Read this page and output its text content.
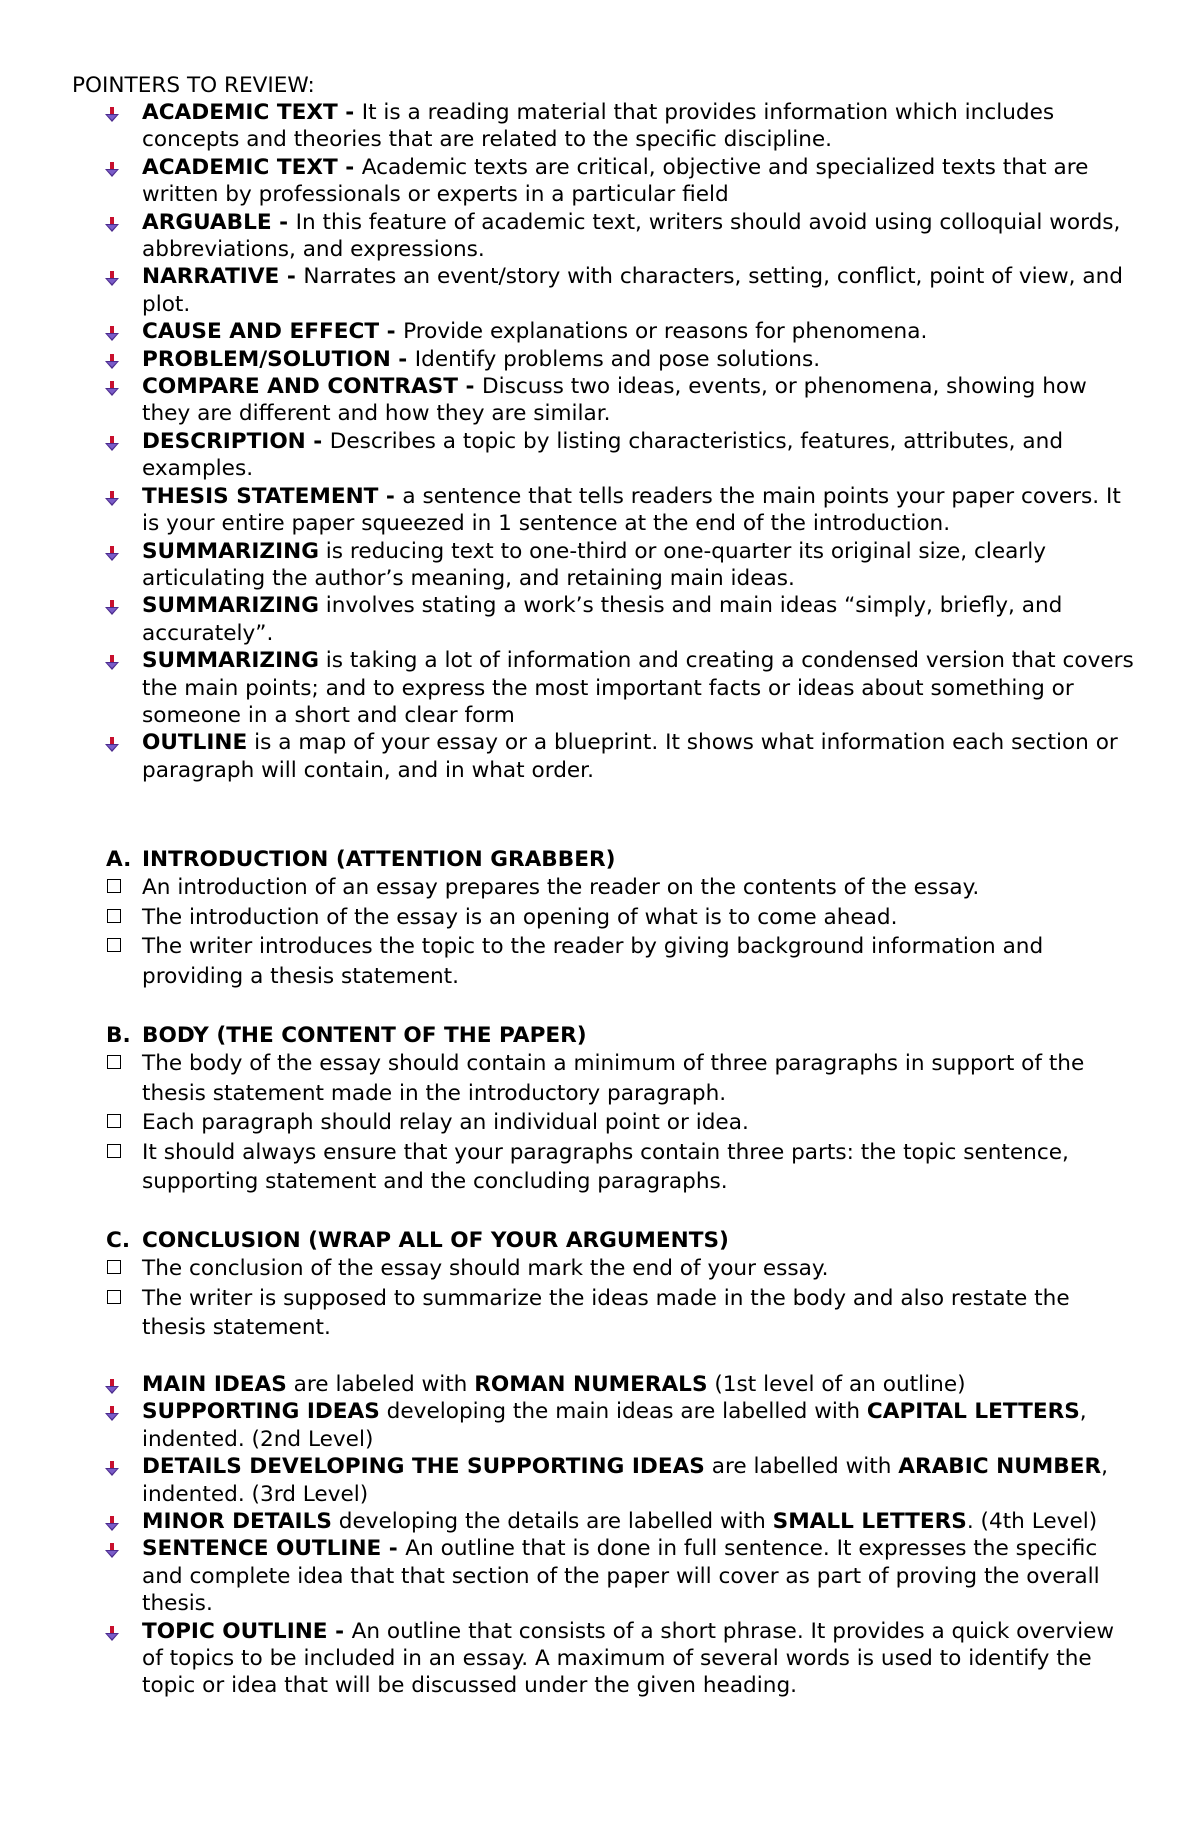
POINTERS TO REVIEW:
ACADEMIC TEXT - It is a reading material that provides information which includes concepts and theories that are related to the specific discipline.
ACADEMIC TEXT - Academic texts are critical, objective and specialized texts that are written by professionals or experts in a particular field
ARGUABLE - In this feature of academic text, writers should avoid using colloquial words, abbreviations, and expressions.
NARRATIVE - Narrates an event/story with characters, setting, conflict, point of view, and plot.
CAUSE AND EFFECT - Provide explanations or reasons for phenomena.
PROBLEM/SOLUTION - Identify problems and pose solutions.
COMPARE AND CONTRAST - Discuss two ideas, events, or phenomena, showing how they are different and how they are similar.
DESCRIPTION - Describes a topic by listing characteristics, features, attributes, and examples.
THESIS STATEMENT - a sentence that tells readers the main points your paper covers. It is your entire paper squeezed in 1 sentence at the end of the introduction.
SUMMARIZING is reducing text to one-third or one-quarter its original size, clearly articulating the author’s meaning, and retaining main ideas.
SUMMARIZING involves stating a work’s thesis and main ideas “simply, briefly, and accurately”.
SUMMARIZING is taking a lot of information and creating a condensed version that covers the main points; and to express the most important facts or ideas about something or someone in a short and clear form
OUTLINE is a map of your essay or a blueprint. It shows what information each section or paragraph will contain, and in what order.
A. INTRODUCTION (ATTENTION GRABBER)
An introduction of an essay prepares the reader on the contents of the essay.
The introduction of the essay is an opening of what is to come ahead.
The writer introduces the topic to the reader by giving background information and providing a thesis statement.
B. BODY (THE CONTENT OF THE PAPER)
The body of the essay should contain a minimum of three paragraphs in support of the thesis statement made in the introductory paragraph.
Each paragraph should relay an individual point or idea.
It should always ensure that your paragraphs contain three parts: the topic sentence, supporting statement and the concluding paragraphs.
C. CONCLUSION (WRAP ALL OF YOUR ARGUMENTS)
The conclusion of the essay should mark the end of your essay.
The writer is supposed to summarize the ideas made in the body and also restate the thesis statement.
MAIN IDEAS are labeled with ROMAN NUMERALS (1st level of an outline)
SUPPORTING IDEAS developing the main ideas are labelled with CAPITAL LETTERS, indented. (2nd Level)
DETAILS DEVELOPING THE SUPPORTING IDEAS are labelled with ARABIC NUMBER, indented. (3rd Level)
MINOR DETAILS developing the details are labelled with SMALL LETTERS. (4th Level)
SENTENCE OUTLINE - An outline that is done in full sentence. It expresses the specific and complete idea that that section of the paper will cover as part of proving the overall thesis.
TOPIC OUTLINE - An outline that consists of a short phrase. It provides a quick overview of topics to be included in an essay. A maximum of several words is used to identify the topic or idea that will be discussed under the given heading.
